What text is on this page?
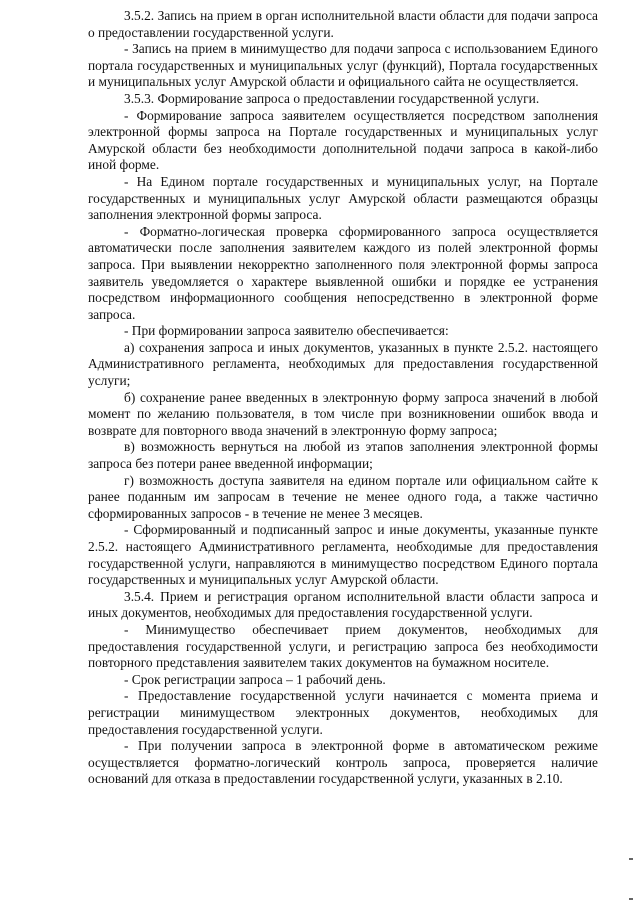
3.5.2. Запись на прием в орган исполнительной власти области для подачи запроса о предоставлении государственной услуги.

- Запись на прием в минимущество для подачи запроса с использованием Единого портала государственных и муниципальных услуг (функций), Портала государственных и муниципальных услуг Амурской области и официального сайта не осуществляется.

3.5.3. Формирование запроса о предоставлении государственной услуги.

- Формирование запроса заявителем осуществляется посредством заполнения электронной формы запроса на Портале государственных и муниципальных услуг Амурской области без необходимости дополнительной подачи запроса в какой-либо иной форме.

- На Едином портале государственных и муниципальных услуг, на Портале государственных и муниципальных услуг Амурской области размещаются образцы заполнения электронной формы запроса.

- Форматно-логическая проверка сформированного запроса осуществляется автоматически после заполнения заявителем каждого из полей электронной формы запроса. При выявлении некорректно заполненного поля электронной формы запроса заявитель уведомляется о характере выявленной ошибки и порядке ее устранения посредством информационного сообщения непосредственно в электронной форме запроса.

- При формировании запроса заявителю обеспечивается:

а) сохранения запроса и иных документов, указанных в пункте 2.5.2. настоящего Административного регламента, необходимых для предоставления государственной услуги;

б) сохранение ранее введенных в электронную форму запроса значений в любой момент по желанию пользователя, в том числе при возникновении ошибок ввода и возврате для повторного ввода значений в электронную форму запроса;

в) возможность вернуться на любой из этапов заполнения электронной формы запроса без потери ранее введенной информации;

г) возможность доступа заявителя на едином портале или официальном сайте к ранее поданным им запросам в течение не менее одного года, а также частично сформированных запросов - в течение не менее 3 месяцев.

- Сформированный и подписанный запрос и иные документы, указанные пункте 2.5.2. настоящего Административного регламента, необходимые для предоставления государственной услуги, направляются в минимущество посредством Единого портала государственных и муниципальных услуг Амурской области.

3.5.4. Прием и регистрация органом исполнительной власти области запроса и иных документов, необходимых для предоставления государственной услуги.

- Минимущество обеспечивает прием документов, необходимых для предоставления государственной услуги, и регистрацию запроса без необходимости повторного представления заявителем таких документов на бумажном носителе.

- Срок регистрации запроса – 1 рабочий день.

- Предоставление государственной услуги начинается с момента приема и регистрации минимуществом электронных документов, необходимых для предоставления государственной услуги.

- При получении запроса в электронной форме в автоматическом режиме осуществляется форматно-логический контроль запроса, проверяется наличие оснований для отказа в предоставлении государственной услуги, указанных в 2.10.
